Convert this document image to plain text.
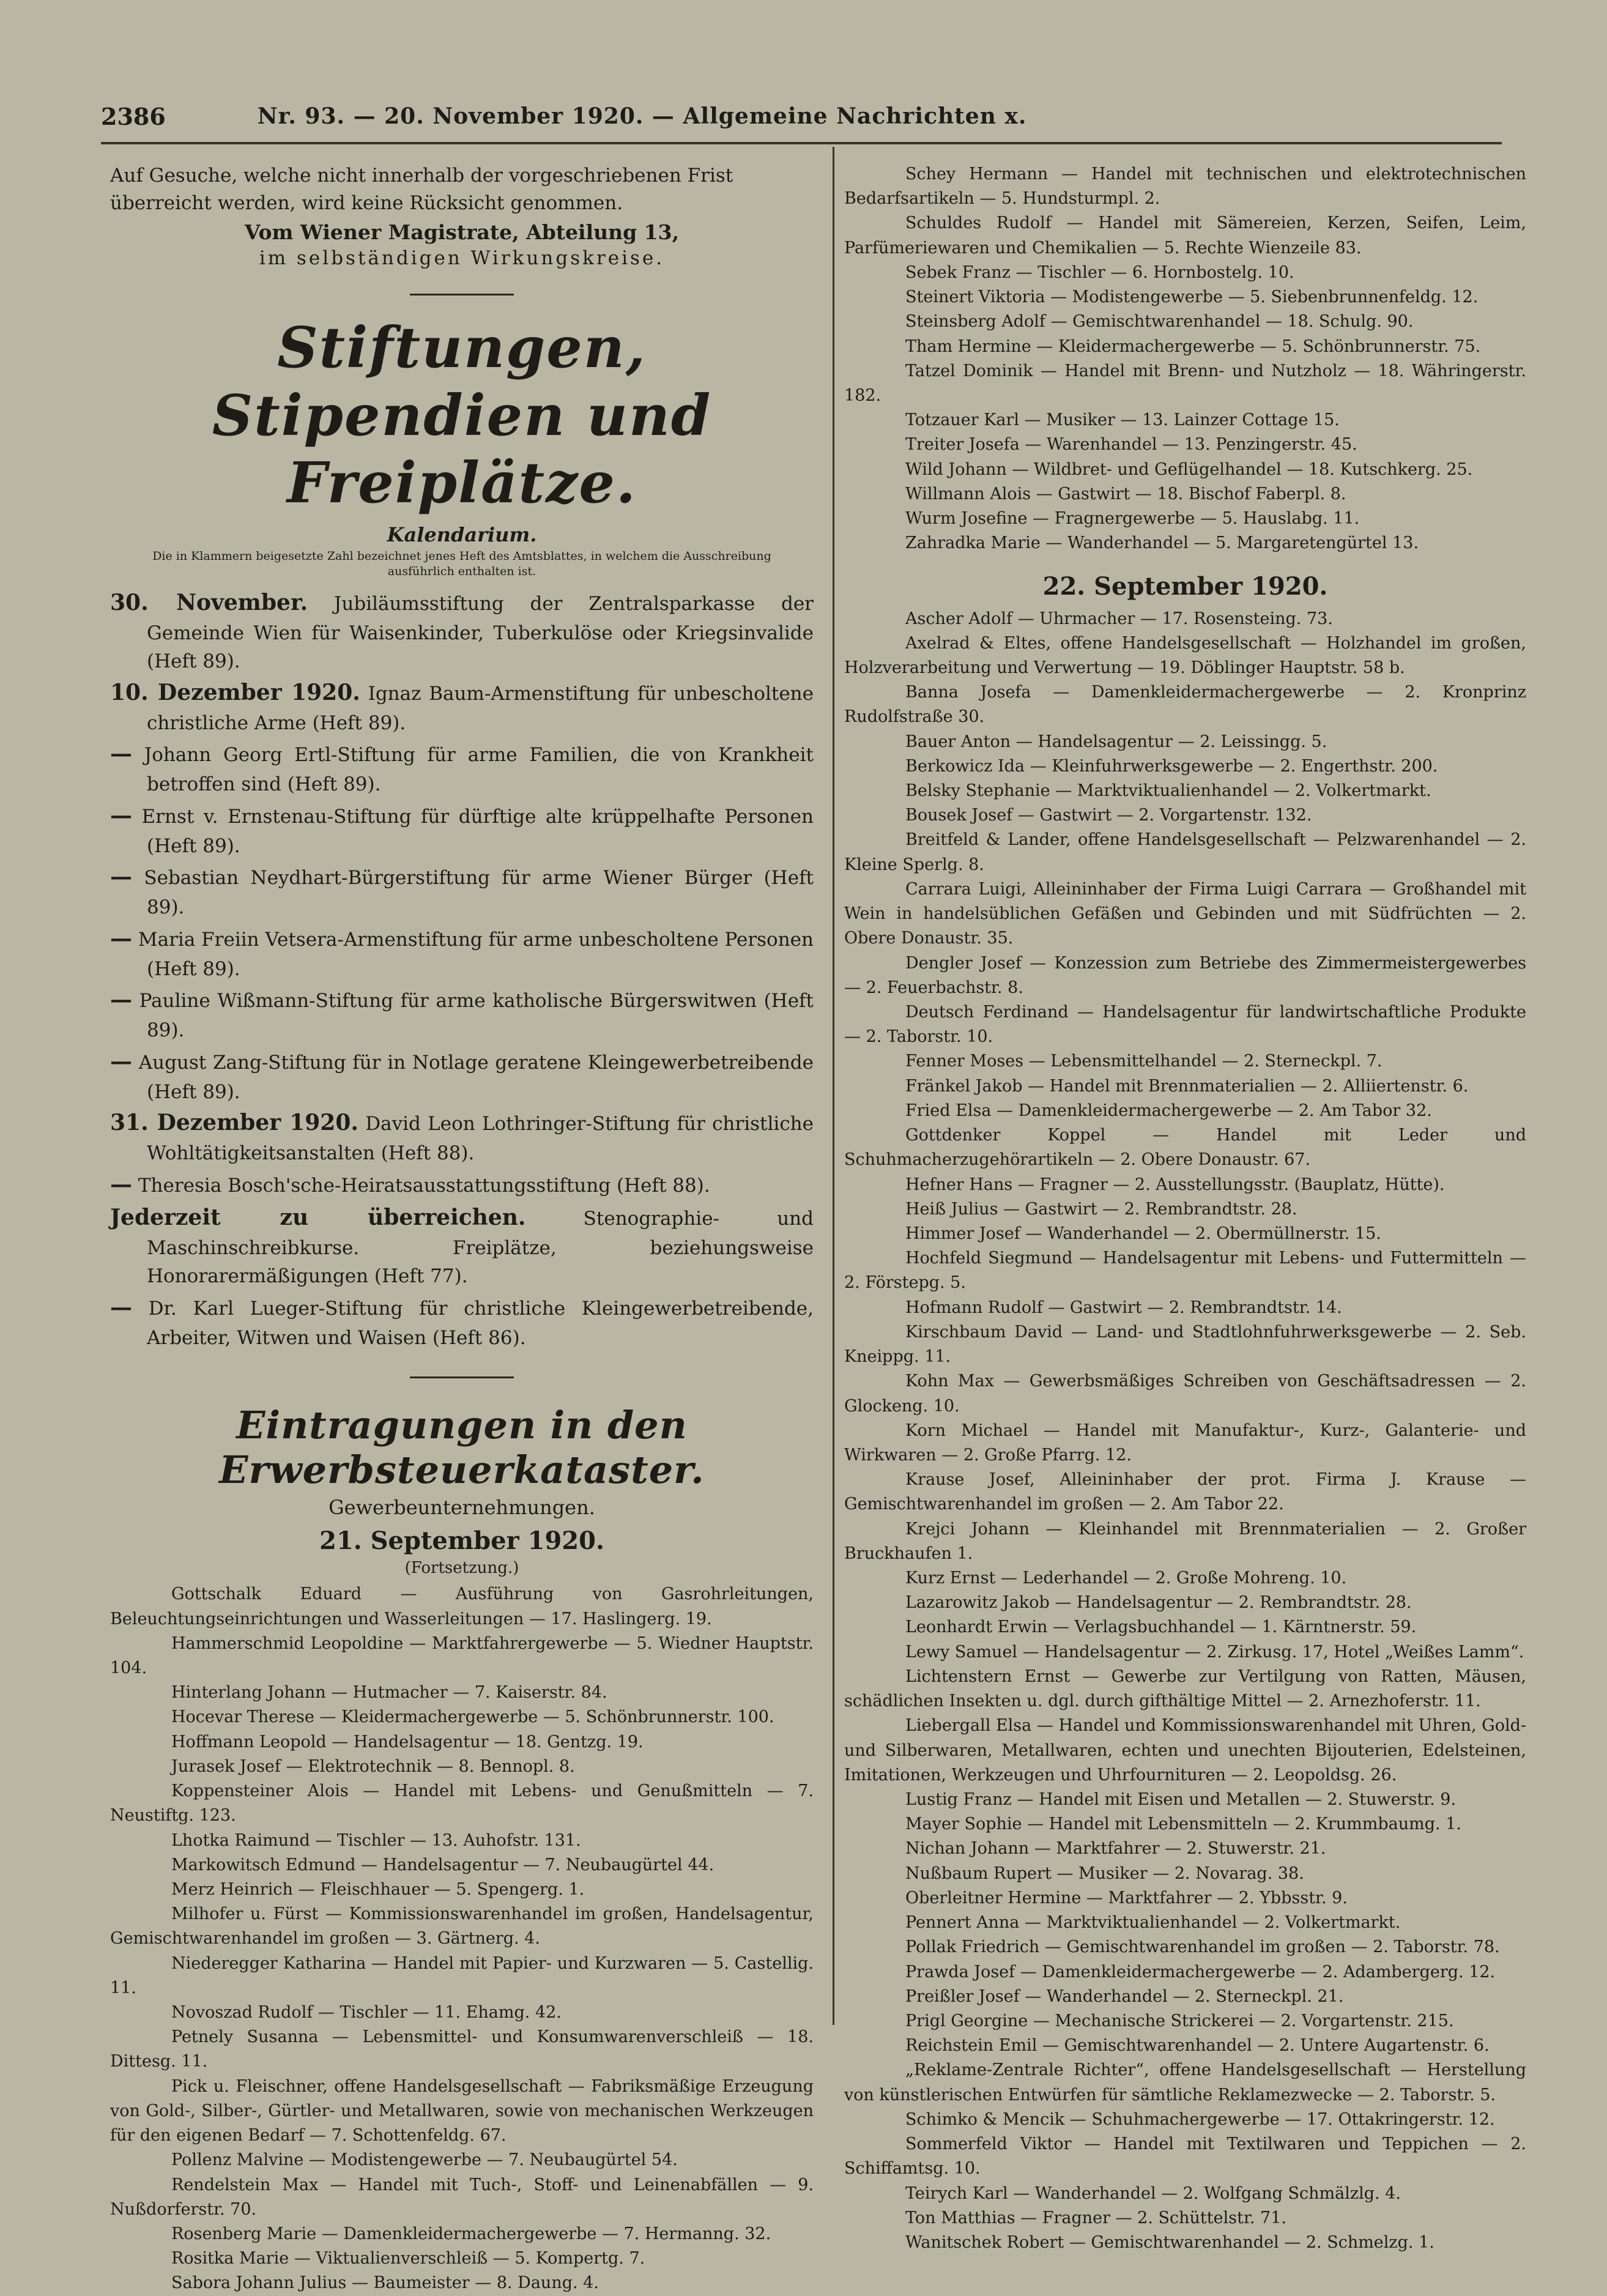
2386	Nr. 93. — 20. November 1920. — Allgemeine Nachrichten x.

Auf Gesuche, welche nicht innerhalb der vorgeschriebenen Frist überreicht werden, wird keine Rücksicht genommen.

Vom Wiener Magistrate, Abteilung 13,

im selbständigen Wirkungskreise.

Stiftungen, Stipendien und
Freiplätze.
Kalendarium.
Die in Klammern beigesetzte Zahl bezeichnet jenes Heft des Amtsblattes, in welchem die Ausschreibung ausführlich enthalten ist.

30. November. Jubiläumsstiftung der Zentralsparkasse der Gemeinde Wien für Waisenkinder, Tuberkulöse oder Kriegsinvalide (Heft 89).

10. Dezember 1920. Ignaz Baum-Armenstiftung für unbescholtene christliche Arme (Heft 89).

— Johann Georg Ertl-Stiftung für arme Familien, die von Krankheit betroffen sind (Heft 89).

— Ernst v. Ernstenau-Stiftung für dürftige alte krüppelhafte Personen (Heft 89).

— Sebastian Neydhart-Bürgerstiftung für arme Wiener Bürger (Heft 89).

— Maria Freiin Vetsera-Armenstiftung für arme unbescholtene Personen (Heft 89).

— Pauline Wißmann-Stiftung für arme katholische Bürgerswitwen (Heft 89).

— August Zang-Stiftung für in Notlage geratene Kleingewerbetreibende (Heft 89).

31. Dezember 1920. David Leon Lothringer-Stiftung für christliche Wohltätigkeitsanstalten (Heft 88).

— Theresia Bosch'sche-Heiratsausstattungsstiftung (Heft 88).

Jederzeit zu überreichen.	Stenographie- und Maschinschreibkurse. Freiplätze, beziehungsweise Honorarermäßigungen (Heft 77).

— Dr. Karl Lueger-Stiftung für christliche Kleingewerbetreibende, Arbeiter, Witwen und Waisen (Heft 86).

Eintragungen in den Erwerbsteuerkataster.
Gewerbeunternehmungen.
21. September 1920.
(Fortsetzung.)

Gottschalk Eduard — Ausführung von Gasrohrleitungen, Beleuchtungseinrichtungen und Wasserleitungen — 17. Haslingerg. 19.

Hammerschmid Leopoldine — Marktfahrergewerbe — 5. Wiedner Hauptstr. 104.

Hinterlang Johann — Hutmacher — 7. Kaiserstr. 84.

Hocevar Therese — Kleidermachergewerbe — 5. Schönbrunnerstr. 100.

Hoffmann Leopold — Handelsagentur — 18. Gentzg. 19.

Jurasek Josef — Elektrotechnik — 8. Bennopl. 8.

Koppensteiner Alois — Handel mit Lebens- und Genußmitteln — 7. Neustiftg. 123.

Lhotka Raimund — Tischler — 13. Auhofstr. 131.

Markowitsch Edmund — Handelsagentur — 7. Neubaugürtel 44.

Merz Heinrich — Fleischhauer — 5. Spengerg. 1.

Milhofer u. Fürst — Kommissionswarenhandel im großen, Handelsagentur, Gemischtwarenhandel im großen — 3. Gärtnerg. 4.

Niederegger Katharina — Handel mit Papier- und Kurzwaren — 5. Castellig. 11.

Novoszad Rudolf — Tischler — 11. Ehamg. 42.

Petnely Susanna — Lebensmittel- und Konsumwarenverschleiß — 18. Dittesg. 11.

Pick u. Fleischner, offene Handelsgesellschaft — Fabriksmäßige Erzeugung von Gold-, Silber-, Gürtler- und Metallwaren, sowie von mechanischen Werkzeugen für den eigenen Bedarf — 7. Schottenfeldg. 67.

Pollenz Malvine — Modistengewerbe — 7. Neubaugürtel 54.

Rendelstein Max — Handel mit Tuch-, Stoff- und Leinenabfällen — 9. Nußdorferstr. 70.

Rosenberg Marie — Damenkleidermachergewerbe — 7. Hermanng. 32.

Rositka Marie — Viktualienverschleiß — 5. Kompertg. 7.

Sabora Johann Julius — Baumeister — 8. Daung. 4.

Schey Hermann — Handel mit technischen und elektrotechnischen Bedarfsartikeln — 5. Hundsturmpl. 2.

Schuldes Rudolf — Handel mit Sämereien, Kerzen, Seifen, Leim, Parfümeriewaren und Chemikalien — 5. Rechte Wienzeile 83.

Sebek Franz — Tischler — 6. Hornbostelg. 10.

Steinert Viktoria — Modistengewerbe — 5. Siebenbrunnenfeldg. 12.

Steinsberg Adolf — Gemischtwarenhandel — 18. Schulg. 90.

Tham Hermine — Kleidermachergewerbe — 5. Schönbrunnerstr. 75.

Tatzel Dominik — Handel mit Brenn- und Nutzholz — 18. Währingerstr. 182.

Totzauer Karl — Musiker — 13. Lainzer Cottage 15.

Treiter Josefa — Warenhandel — 13. Penzingerstr. 45.

Wild Johann — Wildbret- und Geflügelhandel — 18. Kutschkerg. 25.

Willmann Alois — Gastwirt — 18. Bischof Faberpl. 8.

Wurm Josefine — Fragnergewerbe — 5. Hauslabg. 11.

Zahradka Marie — Wanderhandel — 5. Margaretengürtel 13.

22. September 1920.

Ascher Adolf — Uhrmacher — 17. Rosensteing. 73.

Axelrad & Eltes, offene Handelsgesellschaft — Holzhandel im großen, Holzverarbeitung und Verwertung — 19. Döblinger Hauptstr. 58 b.

Banna Josefa — Damenkleidermachergewerbe — 2. Kronprinz Rudolfstraße 30.

Bauer Anton — Handelsagentur — 2. Leissingg. 5.

Berkowicz Ida — Kleinfuhrwerksgewerbe — 2. Engerthstr. 200.

Belsky Stephanie — Marktviktualienhandel — 2. Volkertmarkt.

Bousek Josef — Gastwirt — 2. Vorgartenstr. 132.

Breitfeld & Lander, offene Handelsgesellschaft — Pelzwarenhandel — 2. Kleine Sperlg. 8.

Carrara Luigi, Alleininhaber der Firma Luigi Carrara — Großhandel mit Wein in handelsüblichen Gefäßen und Gebinden und mit Südfrüchten — 2. Obere Donaustr. 35.

Dengler Josef — Konzession zum Betriebe des Zimmermeistergewerbes — 2. Feuerbachstr. 8.

Deutsch Ferdinand — Handelsagentur für landwirtschaftliche Produkte — 2. Taborstr. 10.

Fenner Moses — Lebensmittelhandel — 2. Sterneckpl. 7.

Fränkel Jakob — Handel mit Brennmaterialien — 2. Alliiertenstr. 6.

Fried Elsa — Damenkleidermachergewerbe — 2. Am Tabor 32.

Gottdenker Koppel — Handel mit Leder und Schuhmacherzugehörartikeln — 2. Obere Donaustr. 67.

Hefner Hans — Fragner — 2. Ausstellungsstr. (Bauplatz, Hütte).

Heiß Julius — Gastwirt — 2. Rembrandtstr. 28.

Himmer Josef — Wanderhandel — 2. Obermüllnerstr. 15.

Hochfeld Siegmund — Handelsagentur mit Lebens- und Futtermitteln — 2. Förstерg. 5.

Hofmann Rudolf — Gastwirt — 2. Rembrandtstr. 14.

Kirschbaum David — Land- und Stadtlohnfuhrwerksgewerbe — 2. Seb. Kneippg. 11.

Kohn Max — Gewerbsmäßiges Schreiben von Geschäftsadressen — 2. Glockeng. 10.

Korn Michael — Handel mit Manufaktur-, Kurz-, Galanterie- und Wirkwaren — 2. Große Pfarrg. 12.

Krause Josef, Alleininhaber der prot. Firma J. Krause — Gemischtwarenhandel im großen — 2. Am Tabor 22.

Krejci Johann — Kleinhandel mit Brennmaterialien — 2. Großer Bruckhaufen 1.

Kurz Ernst — Lederhandel — 2. Große Mohreng. 10.

Lazarowitz Jakob — Handelsagentur — 2. Rembrandtstr. 28.

Leonhardt Erwin — Verlagsbuchhandel — 1. Kärntnerstr. 59.

Lewy Samuel — Handelsagentur — 2. Zirkusg. 17, Hotel „Weißes Lamm“.

Lichtenstern Ernst — Gewerbe zur Vertilgung von Ratten, Mäusen, schädlichen Insekten u. dgl. durch gifthältige Mittel — 2. Arnezhoferstr. 11.

Liebergall Elsa — Handel und Kommissionswarenhandel mit Uhren, Gold- und Silberwaren, Metallwaren, echten und unechten Bijouterien, Edelsteinen, Imitationen, Werkzeugen und Uhrfournituren — 2. Leopoldsg. 26.

Lustig Franz — Handel mit Eisen und Metallen — 2. Stuwerstr. 9.

Mayer Sophie — Handel mit Lebensmitteln — 2. Krummbaumg. 1.

Nichan Johann — Marktfahrer — 2. Stuwerstr. 21.

Nußbaum Rupert — Musiker — 2. Novarag. 38.

Oberleitner Hermine — Marktfahrer — 2. Ybbsstr. 9.

Pennert Anna — Marktviktualienhandel — 2. Volkertmarkt.

Pollak Friedrich — Gemischtwarenhandel im großen — 2. Taborstr. 78.

Prawda Josef — Damenkleidermachergewerbe — 2. Adambergerg. 12.

Preißler Josef — Wanderhandel — 2. Sterneckpl. 21.

Prigl Georgine — Mechanische Strickerei — 2. Vorgartenstr. 215.

Reichstein Emil — Gemischtwarenhandel — 2. Untere Augartenstr. 6.

„Reklame-Zentrale Richter“, offene Handelsgesellschaft — Herstellung von künstlerischen Entwürfen für sämtliche Reklamezwecke — 2. Taborstr. 5.

Schimko & Mencik — Schuhmachergewerbe — 17. Ottakringerstr. 12.

Sommerfeld Viktor — Handel mit Textilwaren und Teppichen — 2. Schiffamtsg. 10.

Teirych Karl — Wanderhandel — 2. Wolfgang Schmälzlg. 4.

Ton Matthias — Fragner — 2. Schüttelstr. 71.

Wanitschek Robert — Gemischtwarenhandel — 2. Schmelzg. 1.
